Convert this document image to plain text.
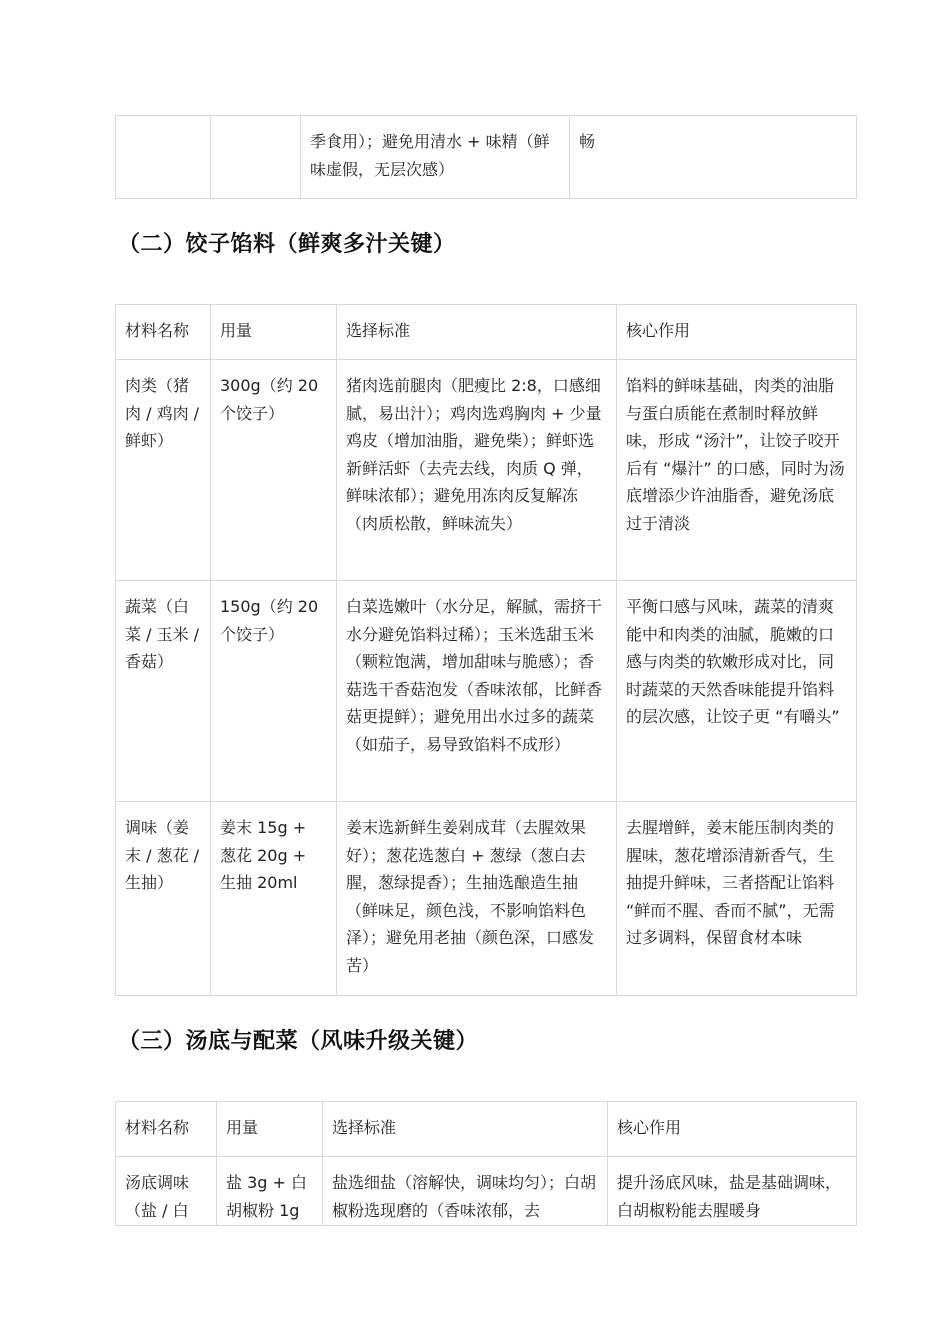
		季食用）；避免用清水 + 味精（鲜味虚假，无层次感）	畅
（二）饺子馅料（鲜爽多汁关键）
材料名称	用量	选择标准	核心作用
肉类（猪肉 / 鸡肉 / 鲜虾）	300g（约 20 个饺子）	猪肉选前腿肉（肥瘦比 2:8，口感细腻，易出汁）；鸡肉选鸡胸肉 + 少量鸡皮（增加油脂，避免柴）；鲜虾选新鲜活虾（去壳去线，肉质 Q 弹，鲜味浓郁）；避免用冻肉反复解冻（肉质松散，鲜味流失）	馅料的鲜味基础，肉类的油脂与蛋白质能在煮制时释放鲜味，形成 “汤汁”，让饺子咬开后有 “爆汁” 的口感，同时为汤底增添少许油脂香，避免汤底过于清淡
蔬菜（白菜 / 玉米 / 香菇）	150g（约 20 个饺子）	白菜选嫩叶（水分足，解腻，需挤干水分避免馅料过稀）；玉米选甜玉米（颗粒饱满，增加甜味与脆感）；香菇选干香菇泡发（香味浓郁，比鲜香菇更提鲜）；避免用出水过多的蔬菜（如茄子，易导致馅料不成形）	平衡口感与风味，蔬菜的清爽能中和肉类的油腻，脆嫩的口感与肉类的软嫩形成对比，同时蔬菜的天然香味能提升馅料的层次感，让饺子更 “有嚼头”
调味（姜末 / 葱花 / 生抽）	姜末 15g + 葱花 20g + 生抽 20ml	姜末选新鲜生姜剁成茸（去腥效果好）；葱花选葱白 + 葱绿（葱白去腥，葱绿提香）；生抽选酿造生抽（鲜味足，颜色浅，不影响馅料色泽）；避免用老抽（颜色深，口感发苦）	去腥增鲜，姜末能压制肉类的腥味，葱花增添清新香气，生抽提升鲜味，三者搭配让馅料 “鲜而不腥、香而不腻”，无需过多调料，保留食材本味
（三）汤底与配菜（风味升级关键）
材料名称	用量	选择标准	核心作用
汤底调味（盐 / 白	盐 3g + 白胡椒粉 1g	盐选细盐（溶解快，调味均匀）；白胡椒粉选现磨的（香味浓郁，去	提升汤底风味，盐是基础调味，白胡椒粉能去腥暖身
